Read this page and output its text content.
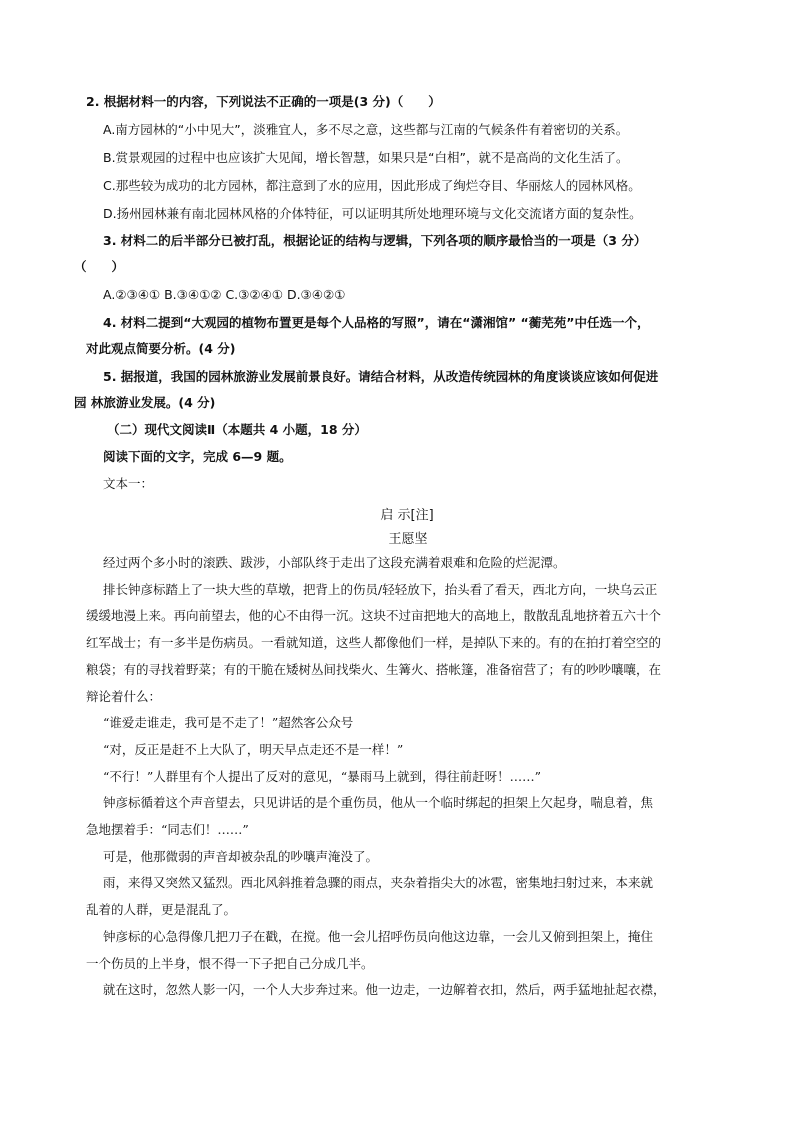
2. 根据材料一的内容，下列说法不正确的一项是(3 分)（　　）
A.南方园林的“小中见大”，淡雅宜人，多不尽之意，这些都与江南的气候条件有着密切的关系。
B.赏景观园的过程中也应该扩大见闻，增长智慧，如果只是“白相”，就不是高尚的文化生活了。
C.那些较为成功的北方园林，都注意到了水的应用，因此形成了绚烂夺目、华丽炫人的园林风格。
D.扬州园林兼有南北园林风格的介体特征，可以证明其所处地理环境与文化交流诸方面的复杂性。
3. 材料二的后半部分已被打乱，根据论证的结构与逻辑，下列各项的顺序最恰当的一项是（3 分）
（　　）
A.②③④① B.③④①② C.③②④① D.③④②①
4. 材料二提到“大观园的植物布置更是每个人品格的写照”，请在“潇湘馆” “蘅芜苑”中任选一个，
对此观点简要分析。(4 分)
5. 据报道，我国的园林旅游业发展前景良好。请结合材料，从改造传统园林的角度谈谈应该如何促进
园 林旅游业发展。(4 分)
（二）现代文阅读Ⅱ（本题共 4 小题，18 分）
阅读下面的文字，完成 6—9 题。
文本一：
启 示[注]
王愿坚
经过两个多小时的滚跌、跋涉，小部队终于走出了这段充满着艰难和危险的烂泥潭。
排长钟彦标踏上了一块大些的草墩，把背上的伤员/轻轻放下，抬头看了看天，西北方向，一块乌云正
缓缓地漫上来。再向前望去，他的心不由得一沉。这块不过亩把地大的高地上，散散乱乱地挤着五六十个
红军战士；有一多半是伤病员。一看就知道，这些人都像他们一样，是掉队下来的。有的在拍打着空空的
粮袋；有的寻找着野菜；有的干脆在矮树丛间找柴火、生篝火、搭帐篷，准备宿营了；有的吵吵嚷嚷，在
辩论着什么：
“谁爱走谁走，我可是不走了！”超然客公众号
“对，反正是赶不上大队了，明天早点走还不是一样！”
“不行！”人群里有个人提出了反对的意见，“暴雨马上就到，得往前赶呀！……”
钟彦标循着这个声音望去，只见讲话的是个重伤员，他从一个临时绑起的担架上欠起身，喘息着，焦
急地摆着手：“同志们！……”
可是，他那微弱的声音却被杂乱的吵嚷声淹没了。
雨，来得又突然又猛烈。西北风斜推着急骤的雨点，夹杂着指尖大的冰雹，密集地扫射过来，本来就
乱着的人群，更是混乱了。
钟彦标的心急得像几把刀子在戳，在搅。他一会儿招呼伤员向他这边靠，一会儿又俯到担架上，掩住
一个伤员的上半身，恨不得一下子把自己分成几半。
就在这时，忽然人影一闪，一个人大步奔过来。他一边走，一边解着衣扣，然后，两手猛地扯起衣襟，
